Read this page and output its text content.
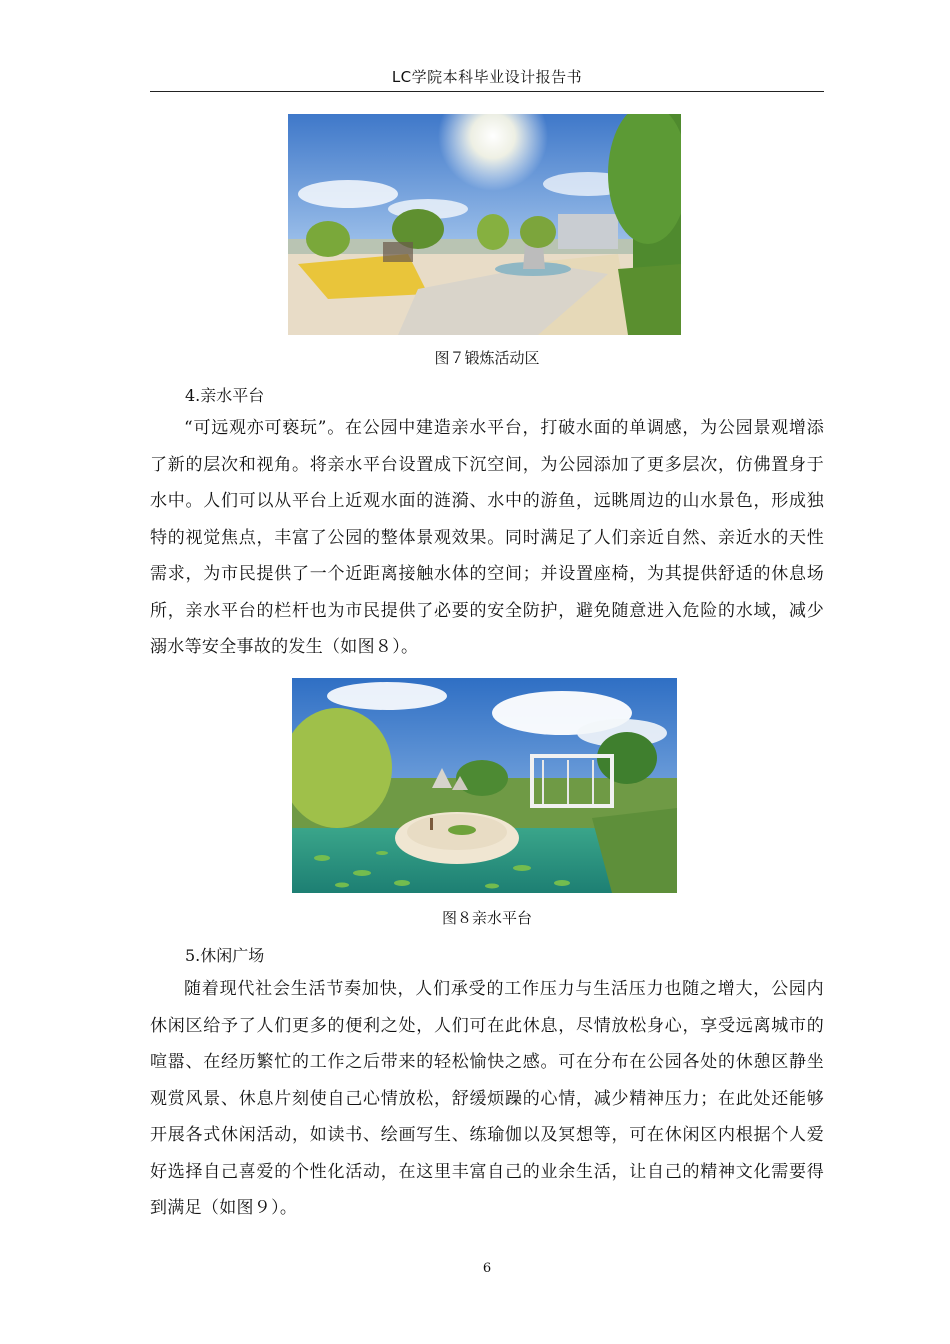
LC学院本科毕业设计报告书
图７锻炼活动区
4.亲水平台

“可远观亦可亵玩”。在公园中建造亲水平台，打破水面的单调感，为公园景观增添了新的层次和视角。将亲水平台设置成下沉空间，为公园添加了更多层次，仿佛置身于水中。人们可以从平台上近观水面的涟漪、水中的游鱼，远眺周边的山水景色，形成独特的视觉焦点，丰富了公园的整体景观效果。同时满足了人们亲近自然、亲近水的天性需求，为市民提供了一个近距离接触水体的空间；并设置座椅，为其提供舒适的休息场所，亲水平台的栏杆也为市民提供了必要的安全防护，避免随意进入危险的水域，减少溺水等安全事故的发生（如图８）。

图８亲水平台
5.休闲广场

随着现代社会生活节奏加快，人们承受的工作压力与生活压力也随之增大，公园内休闲区给予了人们更多的便利之处，人们可在此休息，尽情放松身心，享受远离城市的喧嚣、在经历繁忙的工作之后带来的轻松愉快之感。可在分布在公园各处的休憩区静坐观赏风景、休息片刻使自己心情放松，舒缓烦躁的心情，减少精神压力；在此处还能够开展各式休闲活动，如读书、绘画写生、练瑜伽以及冥想等，可在休闲区内根据个人爱好选择自己喜爱的个性化活动，在这里丰富自己的业余生活，让自己的精神文化需要得到满足（如图９）。

6
